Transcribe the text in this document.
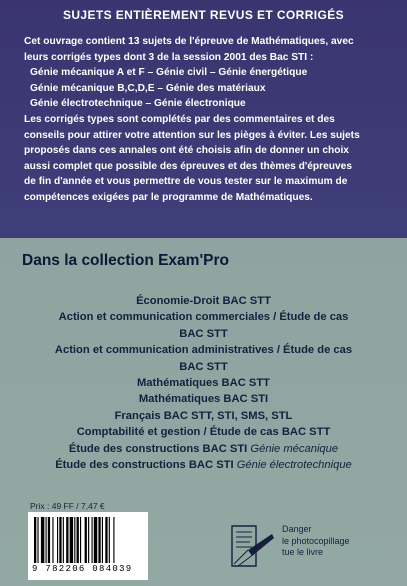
SUJETS ENTIÈREMENT REVUS ET CORRIGÉS
Cet ouvrage contient 13 sujets de l'épreuve de Mathématiques, avec
leurs corrigés types dont 3 de la session 2001 des Bac STI :
Génie mécanique A et F – Génie civil – Génie énergétique
Génie mécanique B,C,D,E – Génie des matériaux
Génie électrotechnique – Génie électronique
Les corrigés types sont complétés par des commentaires et des
conseils pour attirer votre attention sur les pièges à éviter. Les sujets
proposés dans ces annales ont été choisis afin de donner un choix
aussi complet que possible des épreuves et des thèmes d'épreuves
de fin d'année et vous permettre de vous tester sur le maximum de
compétences exigées par le programme de Mathématiques.
Dans la collection Exam'Pro
Économie-Droit BAC STT
Action et communication commerciales / Étude de cas
BAC STT
Action et communication administratives / Étude de cas
BAC STT
Mathématiques BAC STT
Mathématiques BAC STI
Français BAC STT, STI, SMS, STL
Comptabilité et gestion / Étude de cas BAC STT
Étude des constructions BAC STI Génie mécanique
Étude des constructions BAC STI Génie électrotechnique
Prix : 49 FF / 7,47 €
9 782206 084039
Danger
le photocopillage
tue le livre
